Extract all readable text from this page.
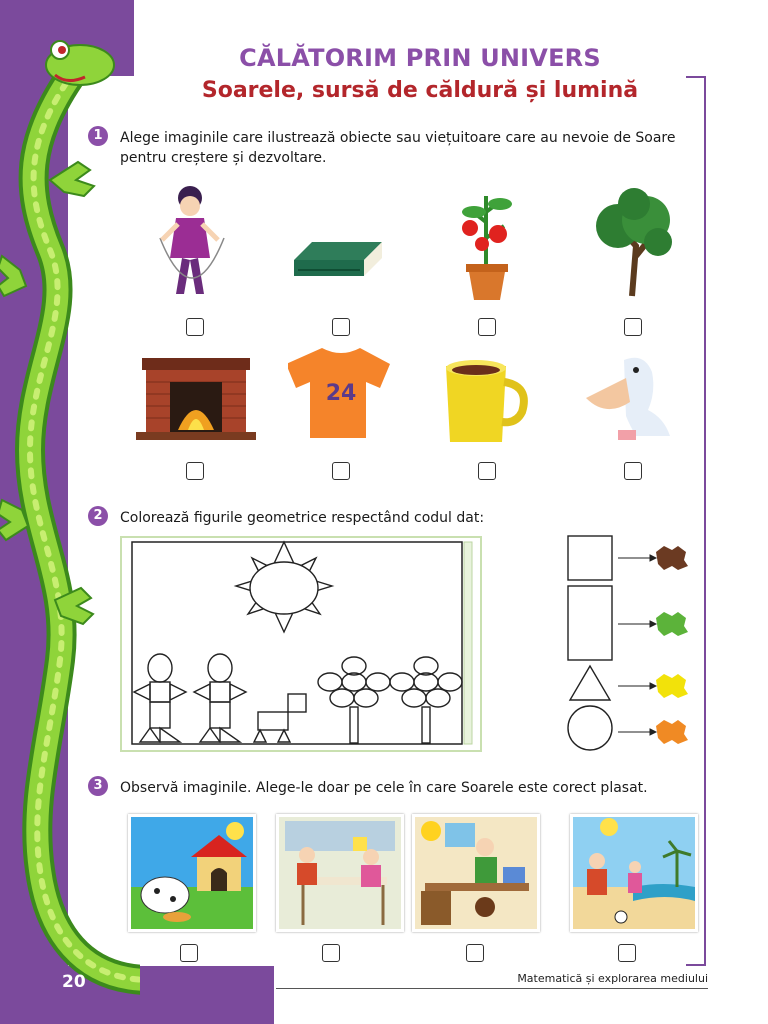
CĂLĂTORIM PRIN UNIVERS
Soarele, sursă de căldură și lumină
1	Alege imaginile care ilustrează obiecte sau viețuitoare care au nevoie de Soare pentru creștere și dezvoltare.
24
2	Colorează figurile geometrice respectând codul dat:
3	Observă imaginile. Alege-le doar pe cele în care Soarele este corect plasat.
20	Matematică și explorarea mediului
